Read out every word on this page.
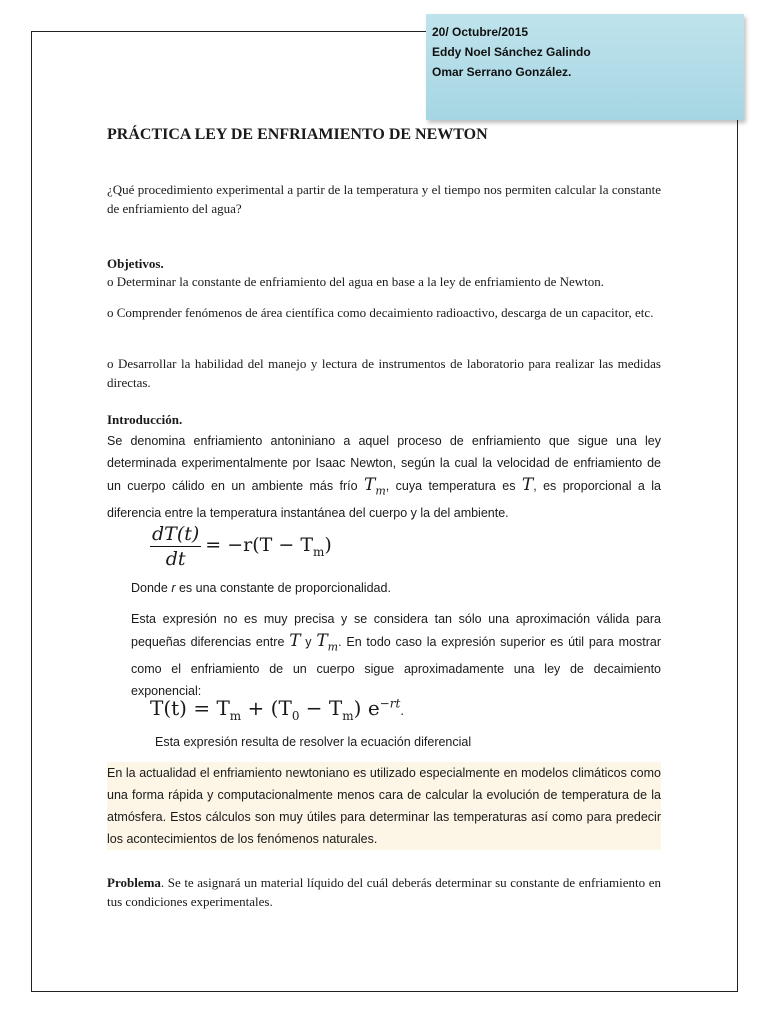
20/ Octubre/2015
Eddy Noel Sánchez Galindo
Omar Serrano González.
PRÁCTICA LEY DE ENFRIAMIENTO DE NEWTON
¿Qué procedimiento experimental a partir de la temperatura y el tiempo nos permiten calcular la constante de enfriamiento del agua?
Objetivos.
o Determinar la constante de enfriamiento del agua en base a la ley de enfriamiento de Newton.
o Comprender fenómenos de área científica como decaimiento radioactivo, descarga de un capacitor, etc.
o Desarrollar la habilidad del manejo y lectura de instrumentos de laboratorio para realizar las medidas directas.
Introducción.
Se denomina enfriamiento antoniniano a aquel proceso de enfriamiento que sigue una ley determinada experimentalmente por Isaac Newton, según la cual la velocidad de enfriamiento de un cuerpo cálido en un ambiente más frío $T_m$, cuya temperatura es T, es proporcional a la diferencia entre la temperatura instantánea del cuerpo y la del ambiente.
$\frac{dT(t)}{dt} = -r(T - T_m)$
Donde r es una constante de proporcionalidad.
Esta expresión no es muy precisa y se considera tan sólo una aproximación válida para pequeñas diferencias entre T y $T_m$. En todo caso la expresión superior es útil para mostrar como el enfriamiento de un cuerpo sigue aproximadamente una ley de decaimiento exponencial:
$T(t) = T_m + (T_0 - T_m)$ $e^{-rt}$.
Esta expresión resulta de resolver la ecuación diferencial
En la actualidad el enfriamiento newtoniano es utilizado especialmente en modelos climáticos como una forma rápida y computacionalmente menos cara de calcular la evolución de temperatura de la atmósfera. Estos cálculos son muy útiles para determinar las temperaturas así como para predecir los acontecimientos de los fenómenos naturales.
Problema. Se te asignará un material líquido del cuál deberás determinar su constante de enfriamiento en tus condiciones experimentales.
